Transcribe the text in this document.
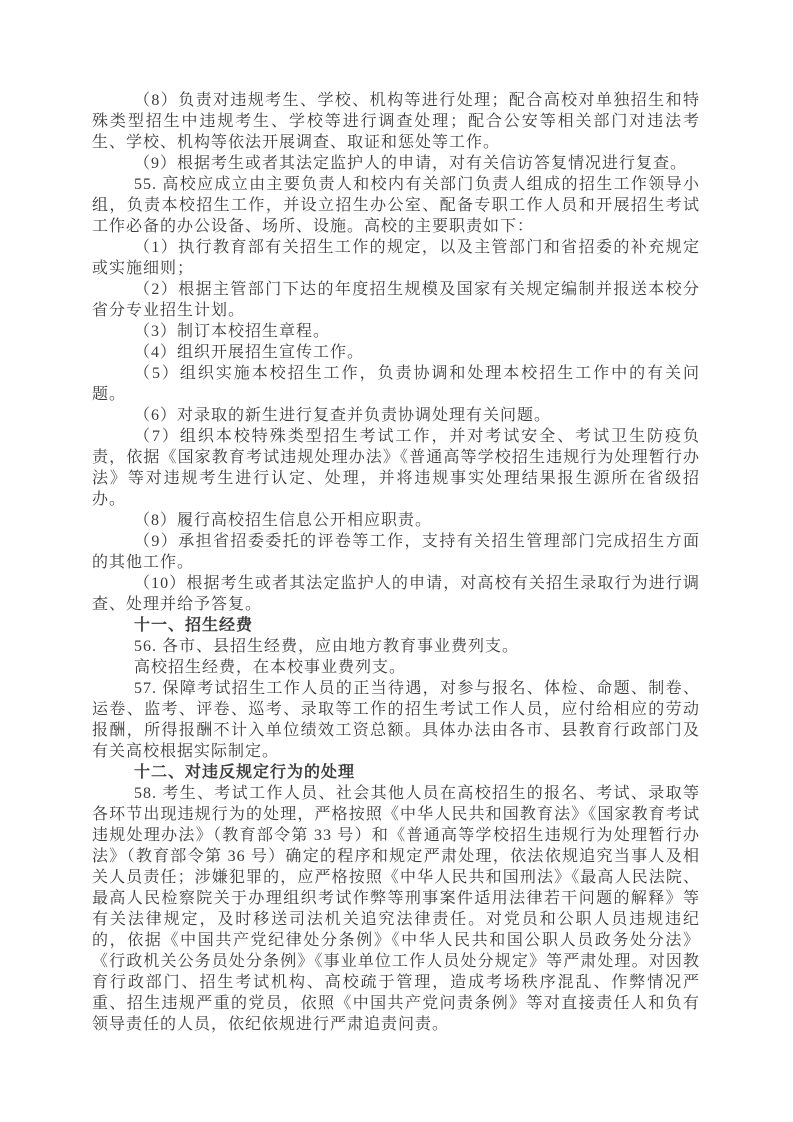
（8）负责对违规考生、学校、机构等进行处理；配合高校对单独招生和特殊类型招生中违规考生、学校等进行调查处理；配合公安等相关部门对违法考生、学校、机构等依法开展调查、取证和惩处等工作。

（9）根据考生或者其法定监护人的申请，对有关信访答复情况进行复查。

55. 高校应成立由主要负责人和校内有关部门负责人组成的招生工作领导小组，负责本校招生工作，并设立招生办公室、配备专职工作人员和开展招生考试工作必备的办公设备、场所、设施。高校的主要职责如下：

（1）执行教育部有关招生工作的规定，以及主管部门和省招委的补充规定或实施细则；

（2）根据主管部门下达的年度招生规模及国家有关规定编制并报送本校分省分专业招生计划。

（3）制订本校招生章程。

（4）组织开展招生宣传工作。

（5）组织实施本校招生工作，负责协调和处理本校招生工作中的有关问题。

（6）对录取的新生进行复查并负责协调处理有关问题。

（7）组织本校特殊类型招生考试工作，并对考试安全、考试卫生防疫负责，依据《国家教育考试违规处理办法》《普通高等学校招生违规行为处理暂行办法》等对违规考生进行认定、处理，并将违规事实处理结果报生源所在省级招办。

（8）履行高校招生信息公开相应职责。

（9）承担省招委委托的评卷等工作，支持有关招生管理部门完成招生方面的其他工作。

（10）根据考生或者其法定监护人的申请，对高校有关招生录取行为进行调查、处理并给予答复。

十一、招生经费

56. 各市、县招生经费，应由地方教育事业费列支。

高校招生经费，在本校事业费列支。

57. 保障考试招生工作人员的正当待遇，对参与报名、体检、命题、制卷、运卷、监考、评卷、巡考、录取等工作的招生考试工作人员，应付给相应的劳动报酬，所得报酬不计入单位绩效工资总额。具体办法由各市、县教育行政部门及有关高校根据实际制定。

十二、对违反规定行为的处理

58. 考生、考试工作人员、社会其他人员在高校招生的报名、考试、录取等各环节出现违规行为的处理，严格按照《中华人民共和国教育法》《国家教育考试违规处理办法》（教育部令第 33 号）和《普通高等学校招生违规行为处理暂行办法》（教育部令第 36 号）确定的程序和规定严肃处理，依法依规追究当事人及相关人员责任；涉嫌犯罪的，应严格按照《中华人民共和国刑法》《最高人民法院、最高人民检察院关于办理组织考试作弊等刑事案件适用法律若干问题的解释》等有关法律规定，及时移送司法机关追究法律责任。对党员和公职人员违规违纪的，依据《中国共产党纪律处分条例》《中华人民共和国公职人员政务处分法》《行政机关公务员处分条例》《事业单位工作人员处分规定》等严肃处理。对因教育行政部门、招生考试机构、高校疏于管理，造成考场秩序混乱、作弊情况严重、招生违规严重的党员，依照《中国共产党问责条例》等对直接责任人和负有领导责任的人员，依纪依规进行严肃追责问责。
